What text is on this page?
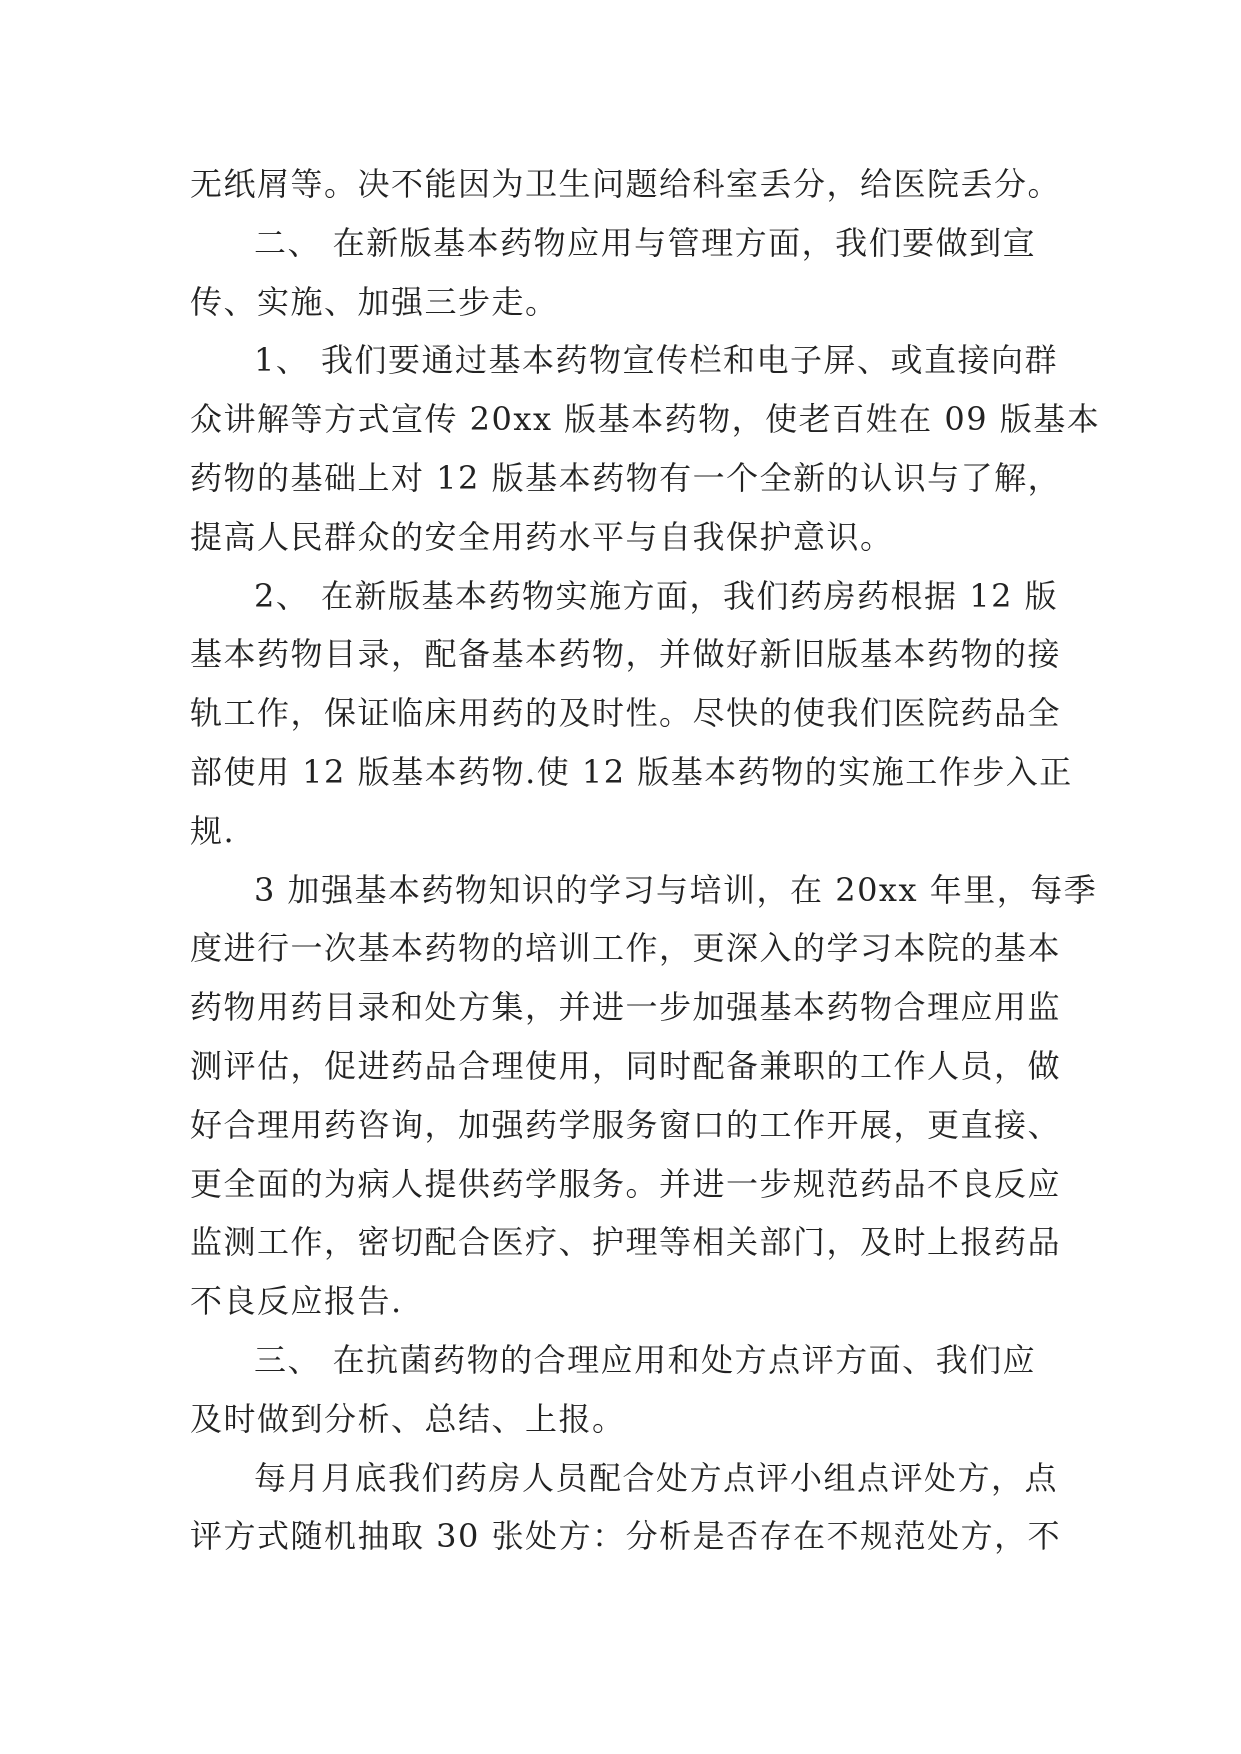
无纸屑等。决不能因为卫生问题给科室丢分，给医院丢分。
二、 在新版基本药物应用与管理方面，我们要做到宣
传、实施、加强三步走。
1、 我们要通过基本药物宣传栏和电子屏、或直接向群
众讲解等方式宣传 20xx 版基本药物，使老百姓在 09 版基本
药物的基础上对 12 版基本药物有一个全新的认识与了解，
提高人民群众的安全用药水平与自我保护意识。
2、 在新版基本药物实施方面，我们药房药根据 12 版
基本药物目录，配备基本药物，并做好新旧版基本药物的接
轨工作，保证临床用药的及时性。尽快的使我们医院药品全
部使用 12 版基本药物.使 12 版基本药物的实施工作步入正
规.
3 加强基本药物知识的学习与培训，在 20xx 年里，每季
度进行一次基本药物的培训工作，更深入的学习本院的基本
药物用药目录和处方集，并进一步加强基本药物合理应用监
测评估，促进药品合理使用，同时配备兼职的工作人员，做
好合理用药咨询，加强药学服务窗口的工作开展，更直接、
更全面的为病人提供药学服务。并进一步规范药品不良反应
监测工作，密切配合医疗、护理等相关部门，及时上报药品
不良反应报告.
三、 在抗菌药物的合理应用和处方点评方面、我们应
及时做到分析、总结、上报。
每月月底我们药房人员配合处方点评小组点评处方，点
评方式随机抽取 30 张处方：分析是否存在不规范处方，不
